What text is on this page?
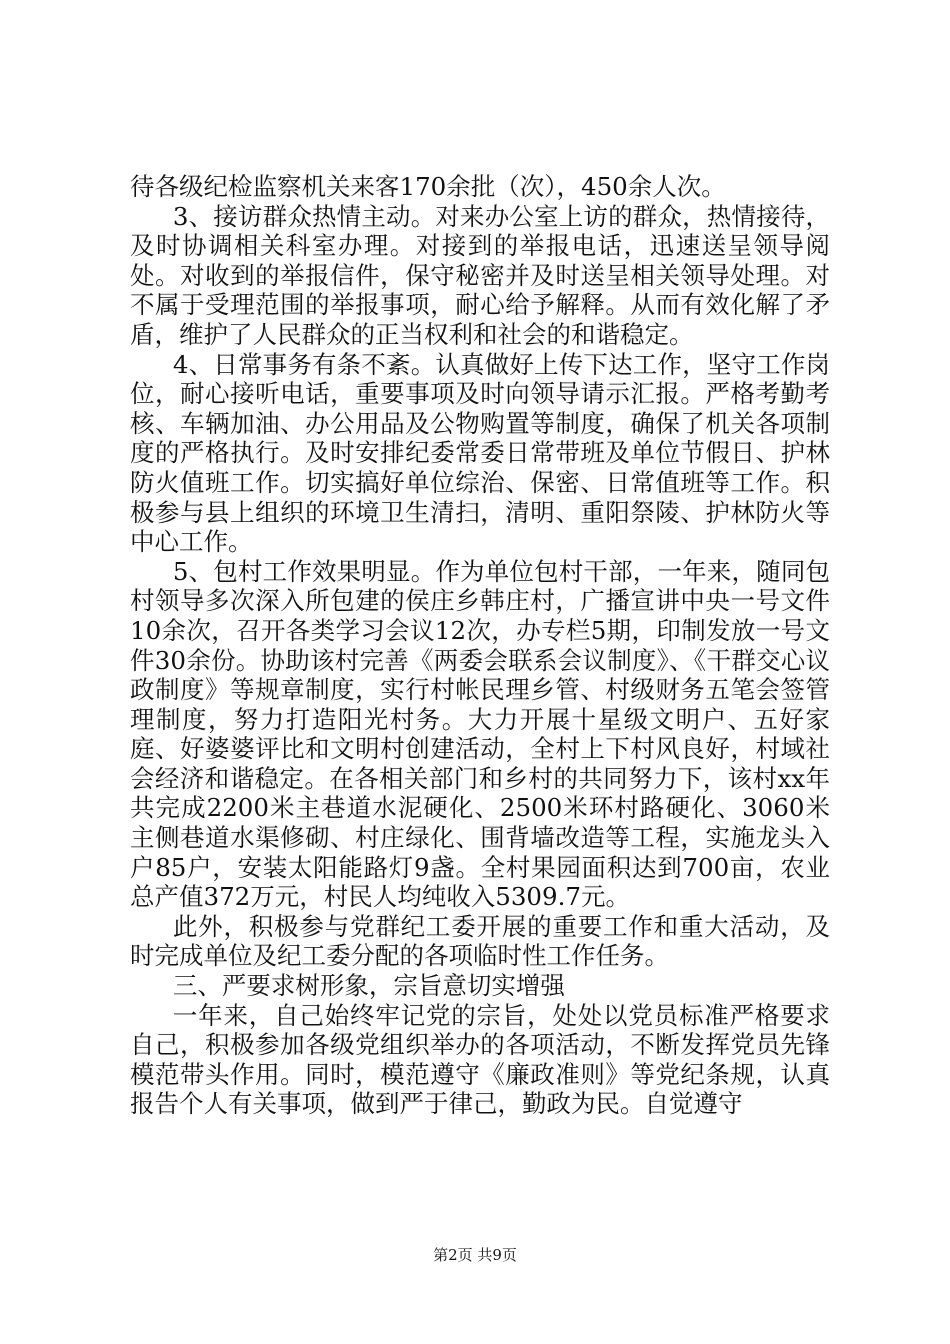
待各级纪检监察机关来客170余批（次），450余人次。

3、接访群众热情主动。对来办公室上访的群众，热情接待，及时协调相关科室办理。对接到的举报电话，迅速送呈领导阅处。对收到的举报信件，保守秘密并及时送呈相关领导处理。对不属于受理范围的举报事项，耐心给予解释。从而有效化解了矛盾，维护了人民群众的正当权利和社会的和谐稳定。

4、日常事务有条不紊。认真做好上传下达工作，坚守工作岗位，耐心接听电话，重要事项及时向领导请示汇报。严格考勤考核、车辆加油、办公用品及公物购置等制度，确保了机关各项制度的严格执行。及时安排纪委常委日常带班及单位节假日、护林防火值班工作。切实搞好单位综治、保密、日常值班等工作。积极参与县上组织的环境卫生清扫，清明、重阳祭陵、护林防火等中心工作。

5、包村工作效果明显。作为单位包村干部，一年来，随同包村领导多次深入所包建的侯庄乡韩庄村，广播宣讲中央一号文件10余次，召开各类学习会议12次，办专栏5期，印制发放一号文件30余份。协助该村完善《两委会联系会议制度》、《干群交心议政制度》等规章制度，实行村帐民理乡管、村级财务五笔会签管理制度，努力打造阳光村务。大力开展十星级文明户、五好家庭、好婆婆评比和文明村创建活动，全村上下村风良好，村域社会经济和谐稳定。在各相关部门和乡村的共同努力下，该村xx年共完成2200米主巷道水泥硬化、2500米环村路硬化、3060米主侧巷道水渠修砌、村庄绿化、围背墙改造等工程，实施龙头入户85户，安装太阳能路灯9盏。全村果园面积达到700亩，农业总产值372万元，村民人均纯收入5309.7元。

此外，积极参与党群纪工委开展的重要工作和重大活动，及时完成单位及纪工委分配的各项临时性工作任务。

三、严要求树形象，宗旨意切实增强

一年来，自己始终牢记党的宗旨，处处以党员标准严格要求自己，积极参加各级党组织举办的各项活动，不断发挥党员先锋模范带头作用。同时，模范遵守《廉政准则》等党纪条规，认真报告个人有关事项，做到严于律己，勤政为民。自觉遵守

第2页 共9页
